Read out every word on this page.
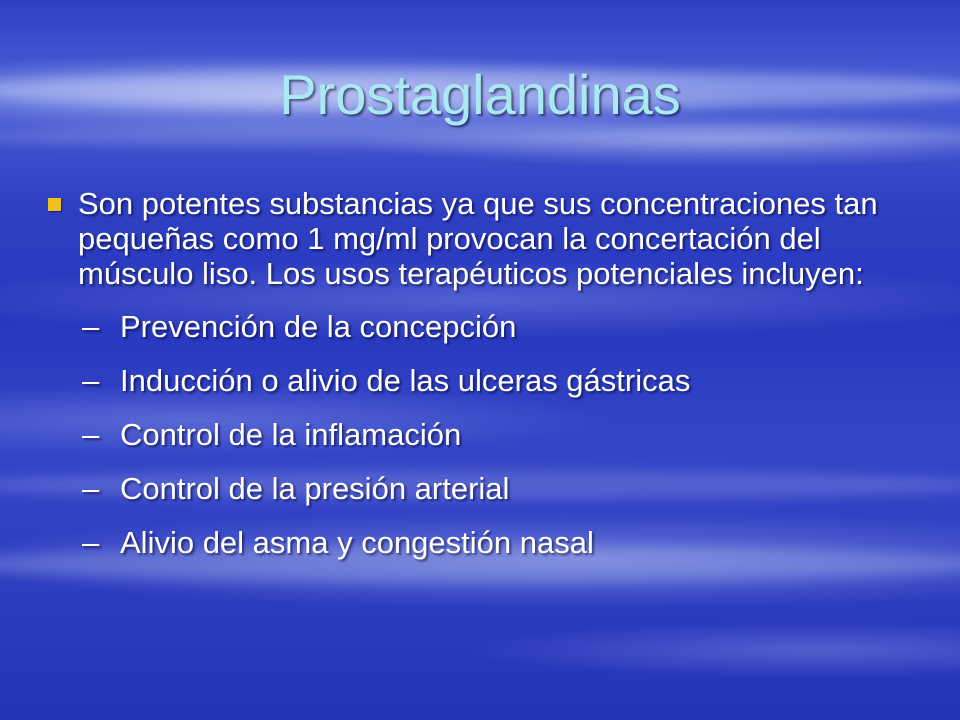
Prostaglandinas
Son potentes substancias ya que sus concentraciones tan pequeñas como 1 mg/ml provocan la concertación del músculo liso. Los usos terapéuticos potenciales incluyen:
– Prevención de la concepción
– Inducción o alivio de las ulceras gástricas
– Control de la inflamación
– Control de la presión arterial
– Alivio del asma y congestión nasal
